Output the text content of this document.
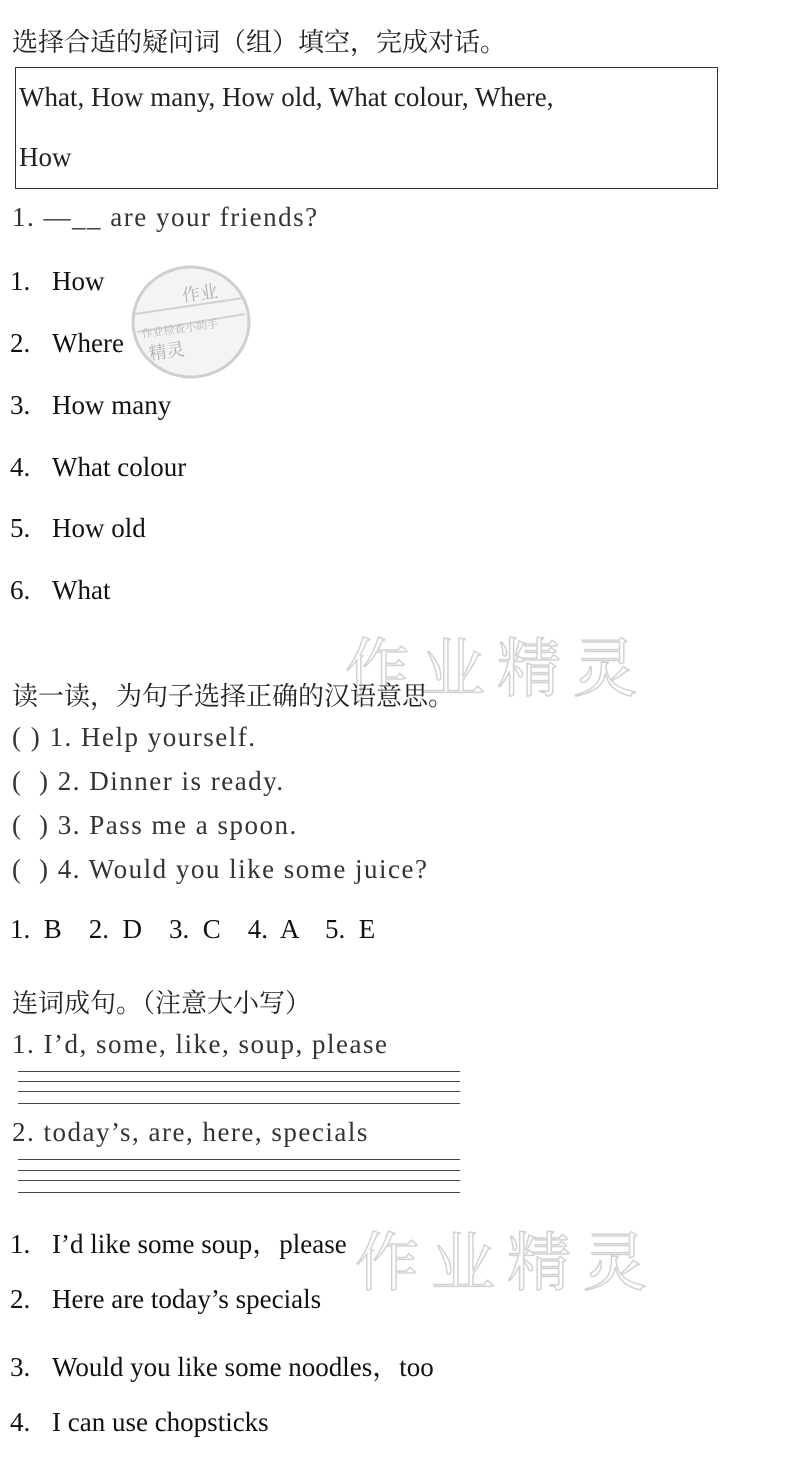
选择合适的疑问词（组）填空，完成对话。
What, How many, How old, What colour, Where,
How
1. —__ are your friends?
1. How
2. Where
3. How many
4. What colour
5. How old
6. What
作业
作业检查小助手
精灵
作业精灵
读一读，为句子选择正确的汉语意思。
( ) 1. Help yourself.
(  ) 2. Dinner is ready.
(  ) 3. Pass me a spoon.
(  ) 4. Would you like some juice?
1.  B    2.  D    3.  C    4.  A    5.  E
连词成句。（注意大小写）
1. I’d, some, like, soup, please
2. today’s, are, here, specials
作业精灵
1. I’d like some soup，please
2. Here are today’s specials
3. Would you like some noodles，too
4. I can use chopsticks
